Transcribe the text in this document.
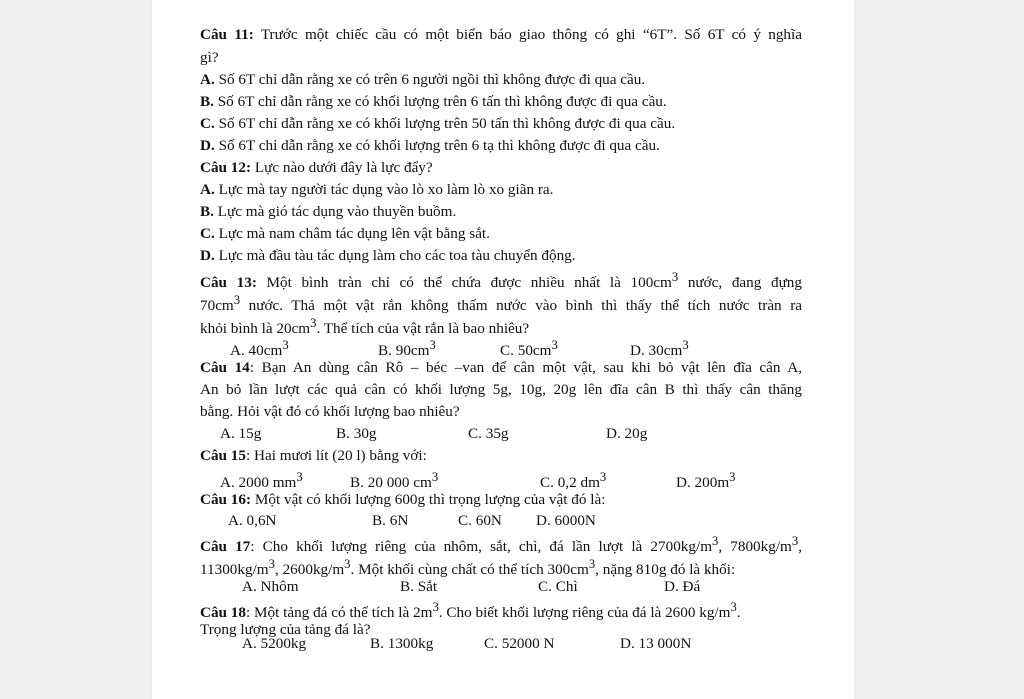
Câu 11: Trước một chiếc cầu có một biển báo giao thông có ghi “6T”. Số 6T có ý nghĩa
gì?
A. Số 6T chỉ dẫn rằng xe có trên 6 người ngồi thì không được đi qua cầu.
B. Số 6T chỉ dẫn rằng xe có khối lượng trên 6 tấn thì không được đi qua cầu.
C. Số 6T chỉ dẫn rằng xe có khối lượng trên 50 tấn thì không được đi qua cầu.
D. Số 6T chỉ dẫn rằng xe có khối lượng trên 6 tạ thì không được đi qua cầu.
Câu 12: Lực nào dưới đây là lực đẩy?
A. Lực mà tay người tác dụng vào lò xo làm lò xo giãn ra.
B. Lực mà gió tác dụng vào thuyền buồm.
C. Lực mà nam châm tác dụng lên vật bằng sắt.
D. Lực mà đầu tàu tác dụng làm cho các toa tàu chuyển động.
Câu 13: Một bình tràn chỉ có thể chứa được nhiều nhất là $100cm^3$ nước, đang đựng
$70cm^3$ nước. Thả một vật rắn không thấm nước vào bình thì thấy thể tích nước tràn ra
khỏi bình là $20cm^3$. Thể tích của vật rắn là bao nhiêu?
A. $40cm^3$	B. $90cm^3$	C. $50cm^3$	D. $30cm^3$
Câu 14: Bạn An dùng cân Rô – béc –van để cân một vật, sau khi bỏ vật lên đĩa cân A,
An bỏ lần lượt các quả cân có khối lượng 5g, 10g, 20g lên đĩa cân B thì thấy cân thăng
bằng. Hỏi vật đó có khối lượng bao nhiêu?
A. 15g	B. 30g	C. 35g	D. 20g
Câu 15: Hai mươi lít (20 l) bằng với:
A. 2000 $mm^3$	B. 20 000 $cm^3$	C. 0,2 $dm^3$	D. $200m^3$
Câu 16: Một vật có khối lượng 600g thì trọng lượng của vật đó là:
A. 0,6N	B. 6N	C. 60N D. 6000N
Câu 17: Cho khối lượng riêng của nhôm, sắt, chì, đá lần lượt là $2700kg/m^3$, $7800kg/m^3$,
$11300kg/m^3$, $2600kg/m^3$. Một khối cùng chất có thể tích $300cm^3$, nặng 810g đó là khối:
A. Nhôm	B. Sắt	C. Chì	D. Đá
Câu 18: Một tảng đá có thể tích là $2m^3$. Cho biết khối lượng riêng của đá là 2600 $kg/m^3$.
Trọng lượng của tảng đá là?
A. 5200kg	B. 1300kg	C. 52000 N	D. 13 000N
